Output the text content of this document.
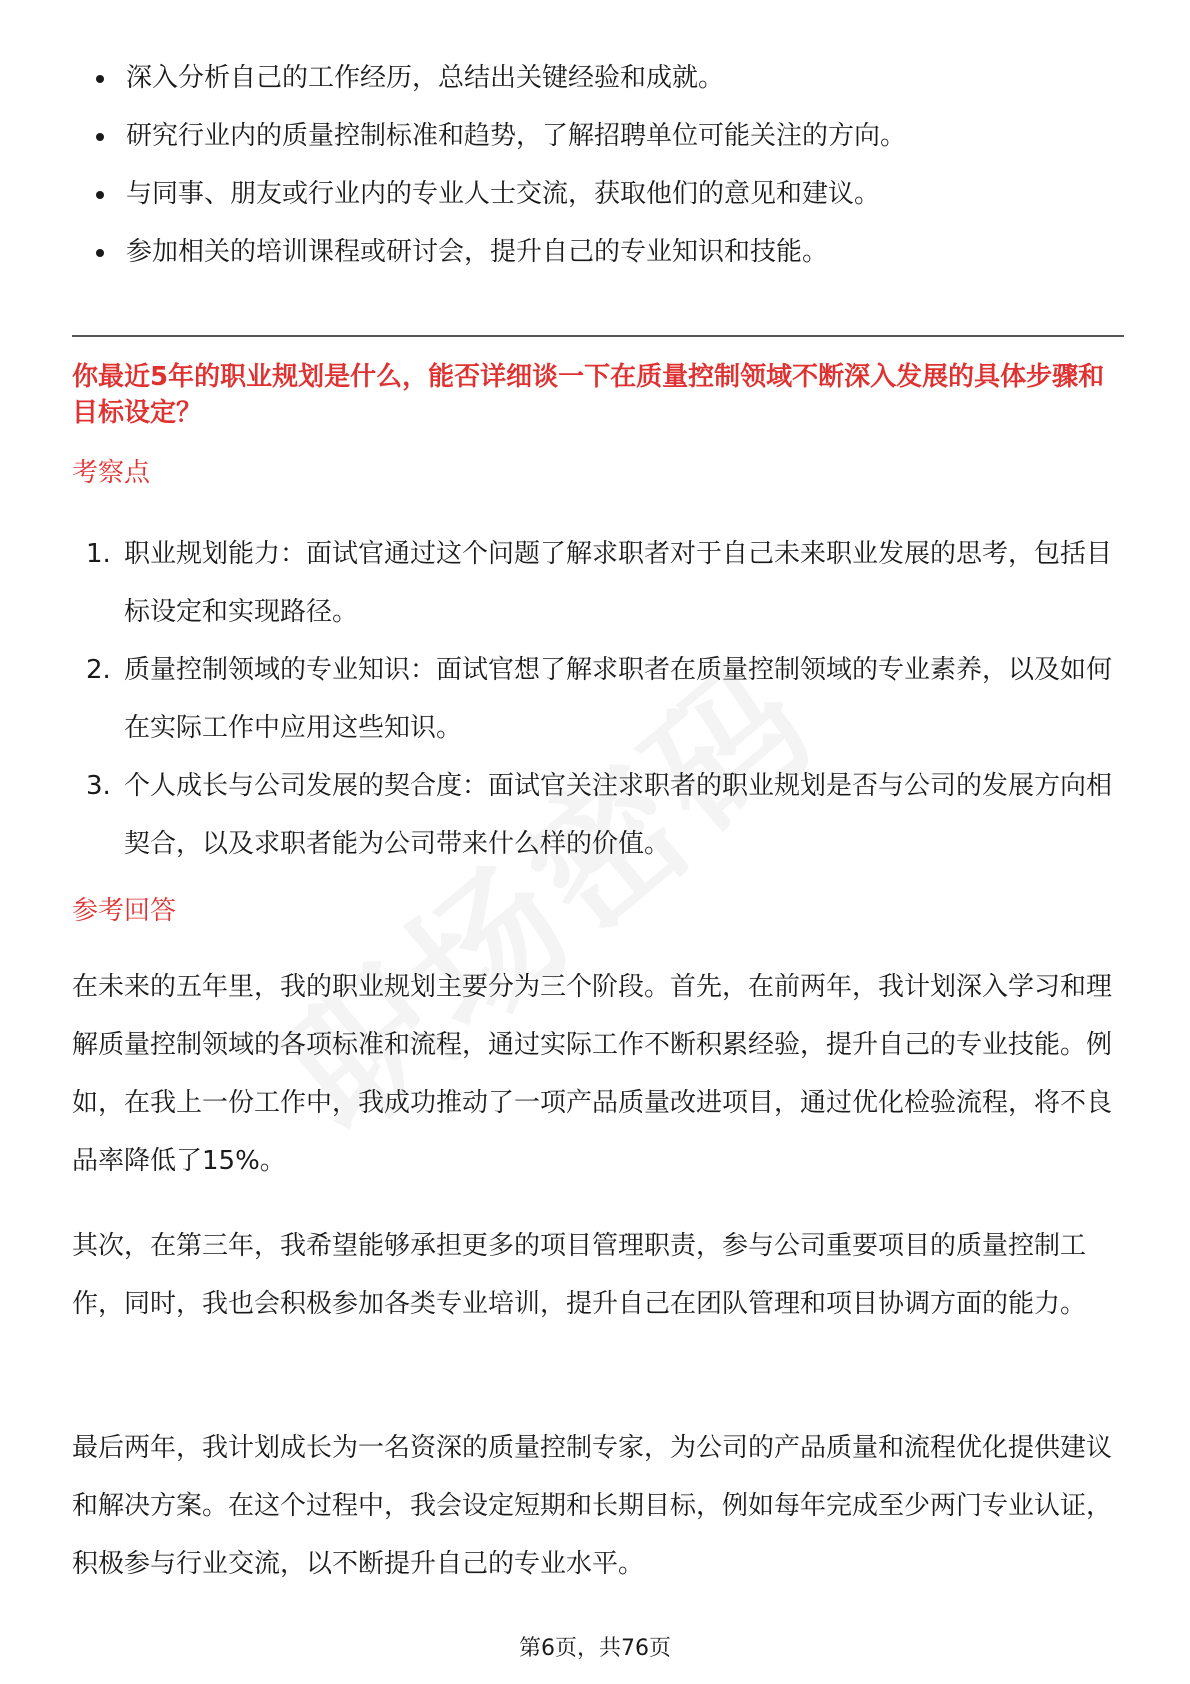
深入分析自己的工作经历，总结出关键经验和成就。
研究行业内的质量控制标准和趋势，了解招聘单位可能关注的方向。
与同事、朋友或行业内的专业人士交流，获取他们的意见和建议。
参加相关的培训课程或研讨会，提升自己的专业知识和技能。
你最近5年的职业规划是什么，能否详细谈一下在质量控制领域不断深入发展的具体步骤和目标设定？
考察点
1. 职业规划能力：面试官通过这个问题了解求职者对于自己未来职业发展的思考，包括目标设定和实现路径。
2. 质量控制领域的专业知识：面试官想了解求职者在质量控制领域的专业素养，以及如何在实际工作中应用这些知识。
3. 个人成长与公司发展的契合度：面试官关注求职者的职业规划是否与公司的发展方向相契合，以及求职者能为公司带来什么样的价值。
参考回答

在未来的五年里，我的职业规划主要分为三个阶段。首先，在前两年，我计划深入学习和理解质量控制领域的各项标准和流程，通过实际工作不断积累经验，提升自己的专业技能。例如，在我上一份工作中，我成功推动了一项产品质量改进项目，通过优化检验流程，将不良品率降低了15%。

其次，在第三年，我希望能够承担更多的项目管理职责，参与公司重要项目的质量控制工作，同时，我也会积极参加各类专业培训，提升自己在团队管理和项目协调方面的能力。

最后两年，我计划成长为一名资深的质量控制专家，为公司的产品质量和流程优化提供建议和解决方案。在这个过程中，我会设定短期和长期目标，例如每年完成至少两门专业认证，积极参与行业交流，以不断提升自己的专业水平。

第6页，共76页
